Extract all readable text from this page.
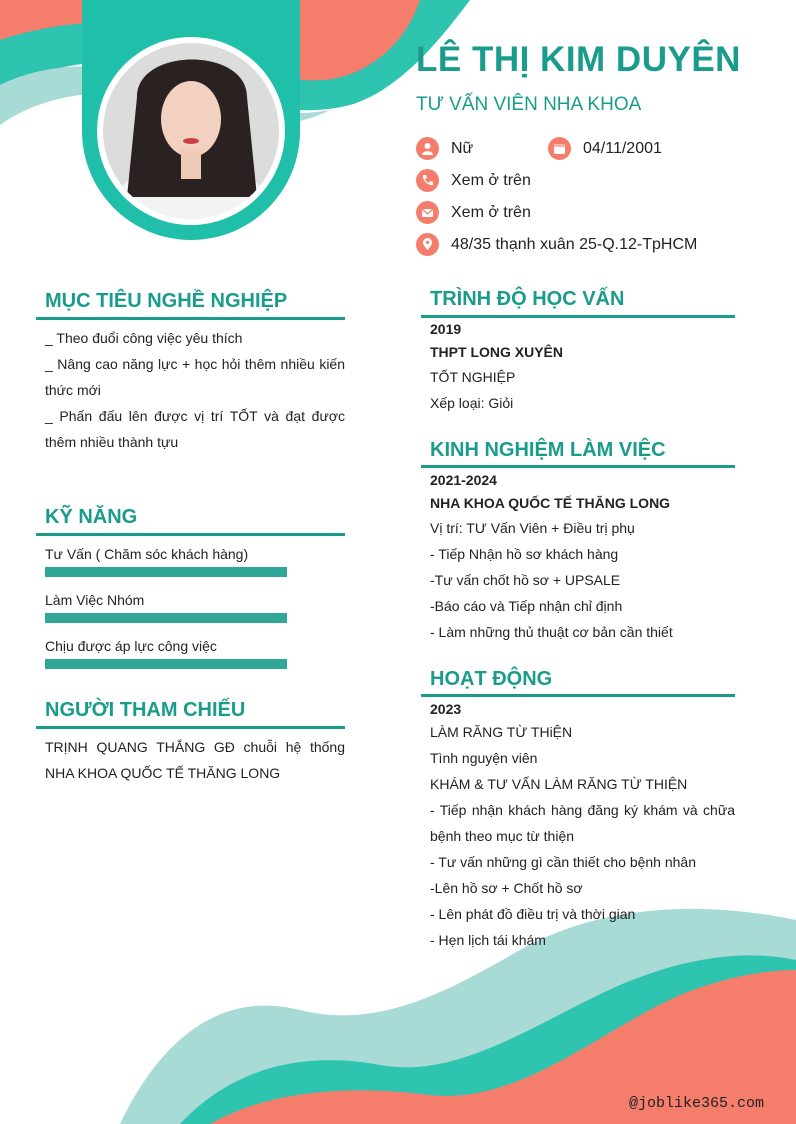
LÊ THỊ KIM DUYÊN
TƯ VẤN VIÊN NHA KHOA
Nữ	04/11/2001
Xem ở trên
Xem ở trên
48/35 thạnh xuân 25-Q.12-TpHCM
MỤC TIÊU NGHỀ NGHIỆP
_ Theo đuổi công việc yêu thích
_ Nâng cao năng lực + học hỏi thêm nhiều kiến thức mới
_ Phấn đấu lên được vị trí TỐT và đạt được thêm nhiều thành tựu
KỸ NĂNG
Tư Vấn ( Chăm sóc khách hàng)
Làm Việc Nhóm
Chịu được áp lực công việc
NGƯỜI THAM CHIẾU
TRỊNH QUANG THẮNG GĐ chuỗi hệ thống NHA KHOA QUỐC TẾ THĂNG LONG
TRÌNH ĐỘ HỌC VẤN
2019
THPT LONG XUYÊN
TỐT NGHIỆP
Xếp loại: Giỏi
KINH NGHIỆM LÀM VIỆC
2021-2024
NHA KHOA QUỐC TẾ THĂNG LONG
Vị trí: TƯ Vấn Viên + Điều trị phụ
- Tiếp Nhận hồ sơ khách hàng
-Tư vấn chốt hồ sơ + UPSALE
-Báo cáo và Tiếp nhận chỉ định
- Làm những thủ thuật cơ bản cần thiết
HOẠT ĐỘNG
2023
LÀM RĂNG TỪ THiỆN
Tình nguyện viên
KHÁM & TƯ VẤN LÀM RĂNG TỪ THIỆN
- Tiếp nhận khách hàng đăng ký khám và chữa bệnh theo mục từ thiện
- Tư vấn những gì cần thiết cho bệnh nhân
-Lên hồ sơ + Chốt hồ sơ
- Lên phát đồ điều trị và thời gian
- Hẹn lịch tái khám
@joblike365.com
